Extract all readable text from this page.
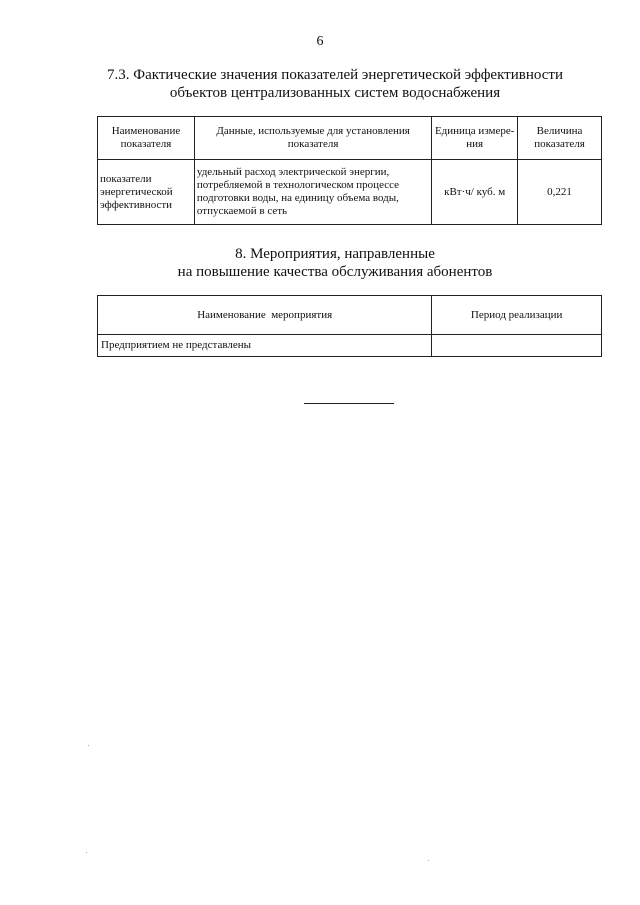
6
7.3. Фактические значения показателей энергетической эффективности
объектов централизованных систем водоснабжения
Наименование показателя	Данные, используемые для установления показателя	Единица измере-ния	Величина показателя
показатели энергетической эффективности	удельный расход электрической энергии, потребляемой в технологическом процессе подготовки воды, на единицу объема воды, отпускаемой в сеть	кВт·ч/ куб. м	0,221
8. Мероприятия, направленные
на повышение качества обслуживания абонентов
Наименование  мероприятия	Период реализации
Предприятием не представлены	
